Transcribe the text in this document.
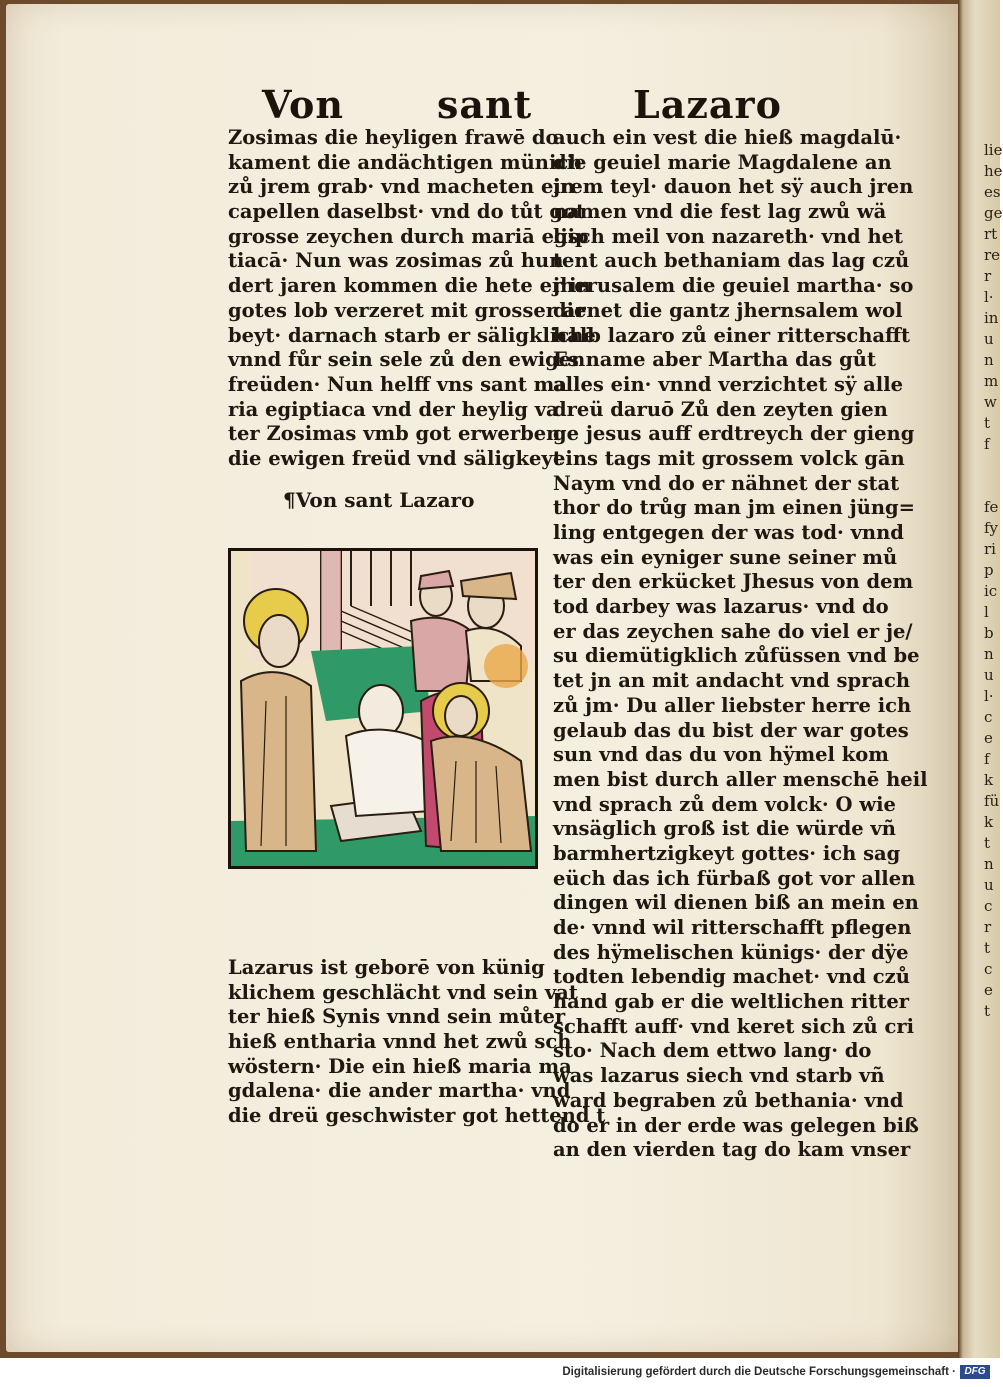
lie
he
es
ge
rt
re
r
l·
in
u
n
m
w
t
f

fe
fy
ri
p
ic
l
b
n
u
l·
c
e
f
k
fü
k
t
n
u
c
r
t
c
e
t
Von sant	Lazaro
Zosimas die heyligen frawē do
kament die andächtigen münich
zů jrem grab· vnd macheten ein
capellen daselbst· vnd do tůt got
grosse zeychen durch mariā egip
tiacā· Nun was zosimas zů hun
dert jaren kommen die hete er in
gotes lob verzeret mit grosser ar
beyt· darnach starb er säligklichē
vnnd fůr sein sele zů den ewigen
freüden· Nun helff vns sant ma
ria egiptiaca vnd der heylig va
ter Zosimas vmb got erwerben
die ewigen freüd vnd säligkeyt
¶Von sant Lazaro
Lazarus ist geborē von künig
klichem geschlächt vnd sein vat
ter hieß Synis vnnd sein můter
hieß entharia vnnd het zwů sch
wöstern· Die ein hieß maria ma
gdalena· die ander martha· vnd
die dreü geschwister got hettend t
auch ein vest die hieß magdalū·
die geuiel marie Magdalene an
jrem teyl· dauon het sÿ auch jren
namen vnd die fest lag zwů wä
lisch meil von nazareth· vnd het
tent auch bethaniam das lag czů
jherusalem die geuiel martha· so
dienet die gantz jhernsalem wol
halb lazaro zů einer ritterschafft
Es name aber Martha das gůt
alles ein· vnnd verzichtet sÿ alle
dreü daruō Zů den zeyten gien
ge jesus auff erdtreych der gieng
eins tags mit grossem volck gān
Naym vnd do er nähnet der stat
thor do trůg man jm einen jüng=
ling entgegen der was tod· vnnd
was ein eyniger sune seiner mů
ter den erkücket Jhesus von dem
tod darbey was lazarus· vnd do
er das zeychen sahe do viel er je/
su diemütigklich zůfüssen vnd be
tet jn an mit andacht vnd sprach
zů jm· Du aller liebster herre ich
gelaub das du bist der war gotes
sun vnd das du von hÿmel kom
men bist durch aller menschē heil
vnd sprach zů dem volck· O wie
vnsäglich groß ist die würde vñ
barmhertzigkeyt gottes· ich sag
eüch das ich fürbaß got vor allen
dingen wil dienen biß an mein en
de· vnnd wil ritterschafft pflegen
des hÿmelischen künigs· der dÿe
todten lebendig machet· vnd czů
hand gab er die weltlichen ritter
schafft auff· vnd keret sich zů cri
sto· Nach dem ettwo lang· do
was lazarus siech vnd starb vñ
ward begraben zů bethania· vnd
do er in der erde was gelegen biß
an den vierden tag do kam vnser
Digitalisierung gefördert durch die Deutsche Forschungsgemeinschaft · DFG
